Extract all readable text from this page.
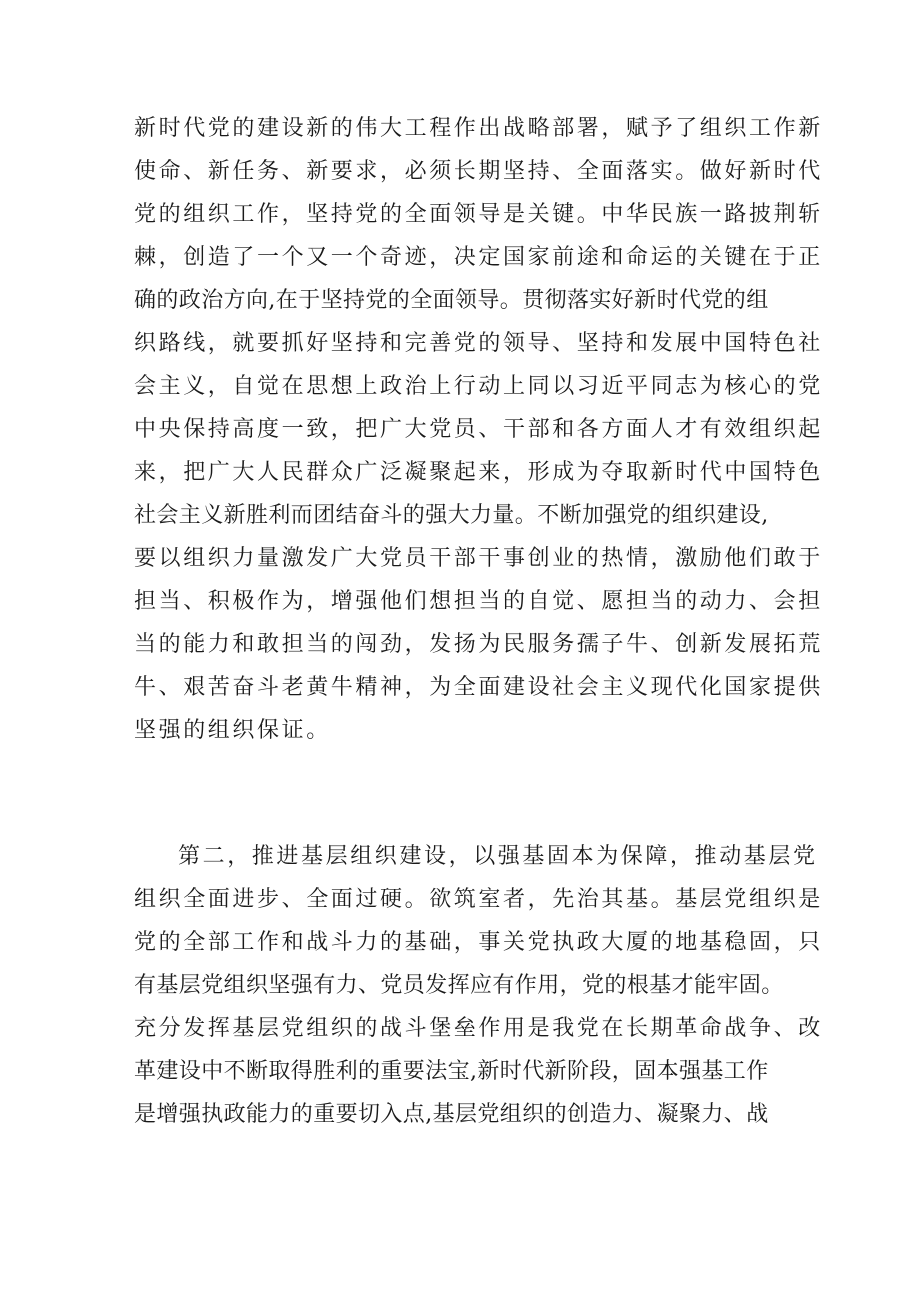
新时代党的建设新的伟大工程作出战略部署，赋予了组织工作新
使命、新任务、新要求，必须长期坚持、全面落实。做好新时代
党的组织工作，坚持党的全面领导是关键。中华民族一路披荆斩
棘，创造了一个又一个奇迹，决定国家前途和命运的关键在于正
确的政治方向,在于坚持党的全面领导。贯彻落实好新时代党的组
织路线，就要抓好坚持和完善党的领导、坚持和发展中国特色社
会主义，自觉在思想上政治上行动上同以习近平同志为核心的党
中央保持高度一致，把广大党员、干部和各方面人才有效组织起
来，把广大人民群众广泛凝聚起来，形成为夺取新时代中国特色
社会主义新胜利而团结奋斗的强大力量。不断加强党的组织建设,
要以组织力量激发广大党员干部干事创业的热情，激励他们敢于
担当、积极作为，增强他们想担当的自觉、愿担当的动力、会担
当的能力和敢担当的闯劲，发扬为民服务孺子牛、创新发展拓荒
牛、艰苦奋斗老黄牛精神，为全面建设社会主义现代化国家提供
坚强的组织保证。
第二，推进基层组织建设，以强基固本为保障，推动基层党
组织全面进步、全面过硬。欲筑室者，先治其基。基层党组织是
党的全部工作和战斗力的基础，事关党执政大厦的地基稳固，只
有基层党组织坚强有力、党员发挥应有作用，党的根基才能牢固。
充分发挥基层党组织的战斗堡垒作用是我党在长期革命战争、改
革建设中不断取得胜利的重要法宝,新时代新阶段，固本强基工作
是增强执政能力的重要切入点,基层党组织的创造力、凝聚力、战
